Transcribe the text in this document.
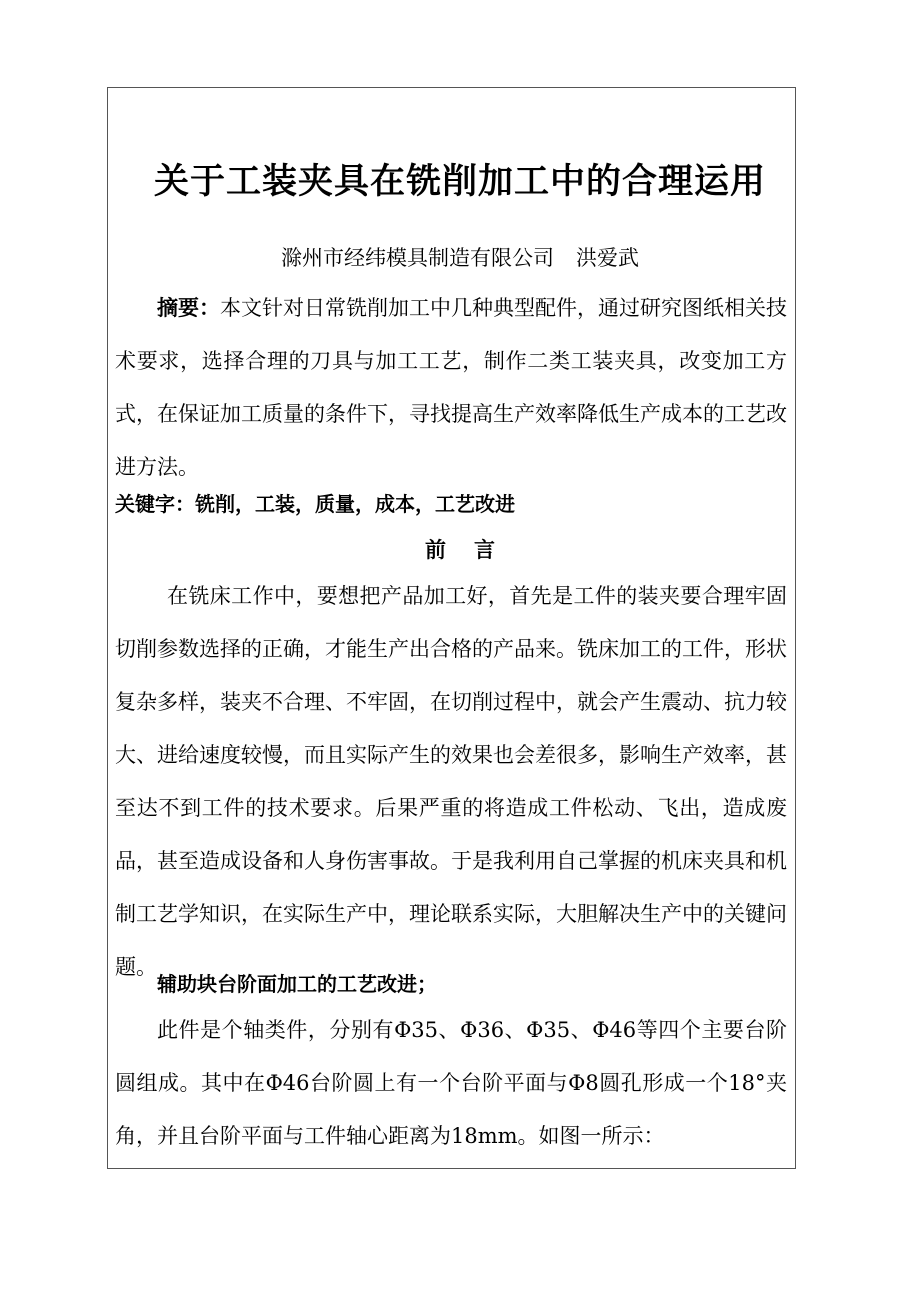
关于工装夹具在铣削加工中的合理运用

滁州市经纬模具制造有限公司 洪爱武

摘要：本文针对日常铣削加工中几种典型配件，通过研究图纸相关技术要求，选择合理的刀具与加工工艺，制作二类工装夹具，改变加工方式，在保证加工质量的条件下，寻找提高生产效率降低生产成本的工艺改进方法。

关键字：铣削，工装，质量，成本，工艺改进

前 言

在铣床工作中，要想把产品加工好，首先是工件的装夹要合理牢固切削参数选择的正确，才能生产出合格的产品来。铣床加工的工件，形状复杂多样，装夹不合理、不牢固，在切削过程中，就会产生震动、抗力较大、进给速度较慢，而且实际产生的效果也会差很多，影响生产效率，甚至达不到工件的技术要求。后果严重的将造成工件松动、飞出，造成废品，甚至造成设备和人身伤害事故。于是我利用自己掌握的机床夹具和机制工艺学知识，在实际生产中，理论联系实际，大胆解决生产中的关键问题。

辅助块台阶面加工的工艺改进；

此件是个轴类件，分别有Φ35、Φ36、Φ35、Φ46等四个主要台阶圆组成。其中在Φ46台阶圆上有一个台阶平面与Φ8圆孔形成一个18°夹角，并且台阶平面与工件轴心距离为18mm。如图一所示：
